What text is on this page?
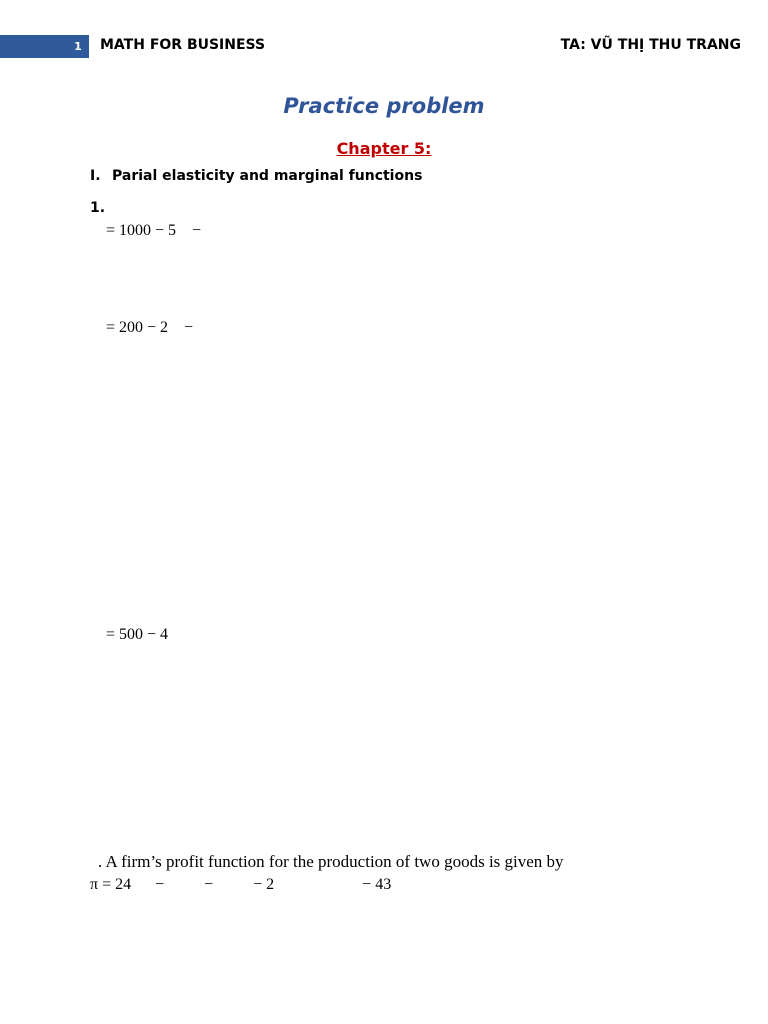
1 MATH FOR BUSINESS	TA: VŨ THỊ THU TRANG
Practice problem
Chapter 5:
I. Parial elasticity and marginal functions
1.
= 1000 − 5    −
= 200 − 2    −
= 500 − 4
. A firm’s profit function for the production of two goods is given by
π = 24      −          −          − 2                      − 43
